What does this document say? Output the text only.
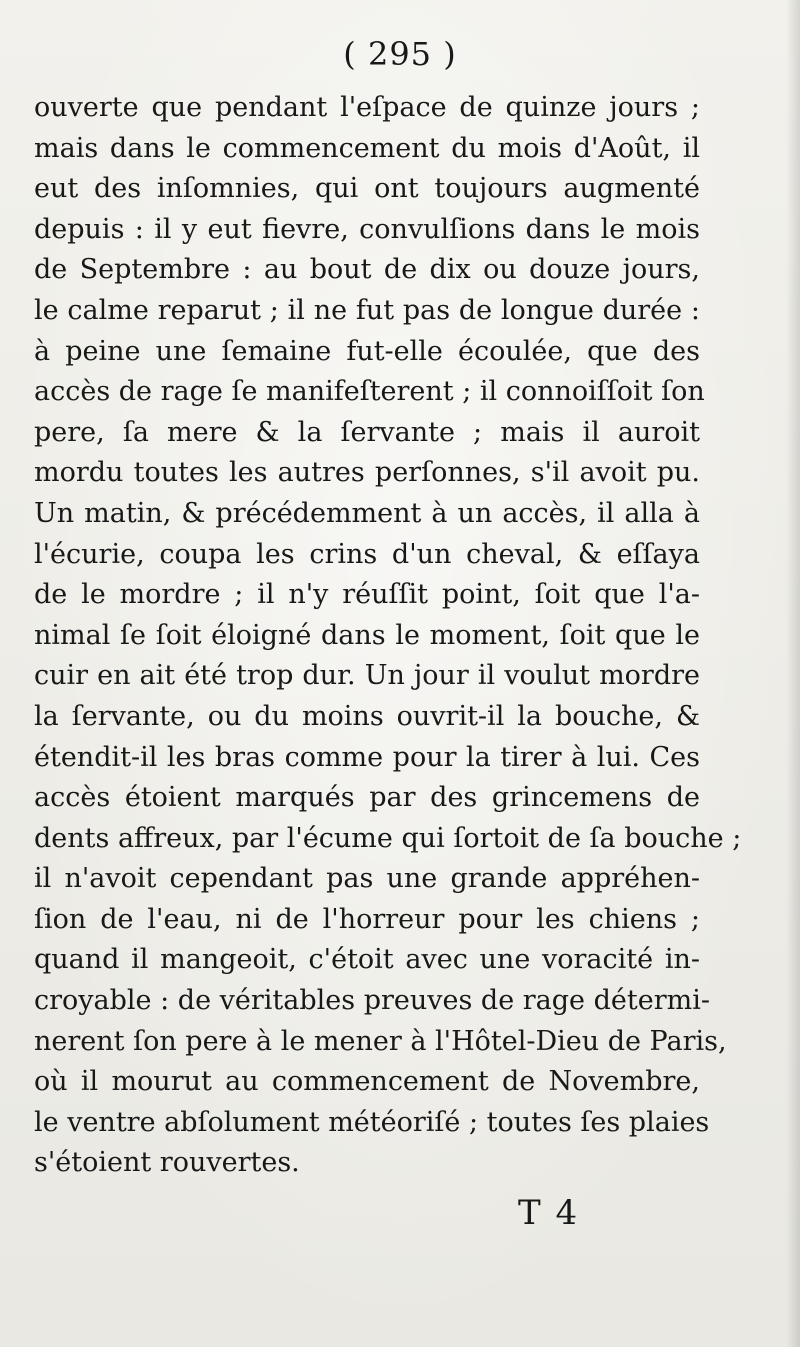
( 295 )
ouverte que pendant l'eſpace de quinze jours ;
mais dans le commencement du mois d'Août, il
eut des inſomnies, qui ont toujours augmenté
depuis : il y eut fievre, convulſions dans le mois
de Septembre : au bout de dix ou douze jours,
le calme reparut ; il ne fut pas de longue durée :
à peine une ſemaine fut-elle écoulée, que des
accès de rage ſe manifeſterent ; il connoiſſoit ſon
pere, ſa mere & la ſervante ; mais il auroit
mordu toutes les autres perſonnes, s'il avoit pu.
Un matin, & précédemment à un accès, il alla à
l'écurie, coupa les crins d'un cheval, & eſſaya
de le mordre ; il n'y réuſſit point, ſoit que l'a-
nimal ſe ſoit éloigné dans le moment, ſoit que le
cuir en ait été trop dur. Un jour il voulut mordre
la ſervante, ou du moins ouvrit-il la bouche, &
étendit-il les bras comme pour la tirer à lui. Ces
accès étoient marqués par des grincemens de
dents affreux, par l'écume qui ſortoit de ſa bouche ;
il n'avoit cependant pas une grande appréhen-
ſion de l'eau, ni de l'horreur pour les chiens ;
quand il mangeoit, c'étoit avec une voracité in-
croyable : de véritables preuves de rage détermi-
nerent ſon pere à le mener à l'Hôtel-Dieu de Paris,
où il mourut au commencement de Novembre,
le ventre abſolument météoriſé ; toutes ſes plaies
s'étoient rouvertes.
T 4
